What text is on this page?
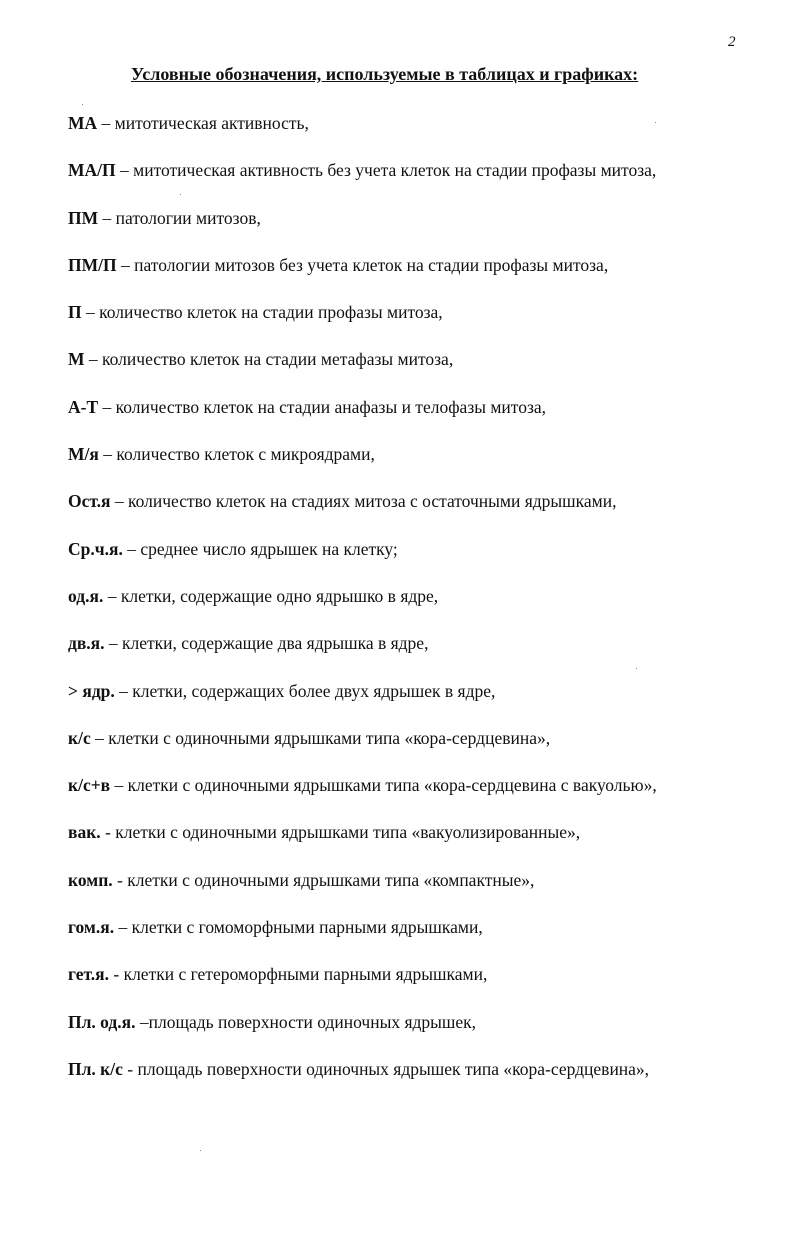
2
Условные обозначения, используемые в таблицах и графиках:
МА – митотическая активность,
МА/П – митотическая активность без учета клеток на стадии профазы митоза,
ПМ – патологии митозов,
ПМ/П – патологии митозов без учета клеток на стадии профазы митоза,
П – количество клеток на стадии профазы митоза,
М – количество клеток на стадии метафазы митоза,
А-Т – количество клеток на стадии анафазы и телофазы митоза,
М/я – количество клеток с микроядрами,
Ост.я – количество клеток на стадиях митоза с остаточными ядрышками,
Ср.ч.я. – среднее число ядрышек на клетку;
од.я. – клетки, содержащие одно ядрышко в ядре,
дв.я. – клетки, содержащие два ядрышка в ядре,
> ядр. – клетки, содержащих более двух ядрышек в ядре,
к/с – клетки с одиночными ядрышками типа «кора-сердцевина»,
к/с+в – клетки с одиночными ядрышками типа «кора-сердцевина с вакуолью»,
вак. - клетки с одиночными ядрышками типа «вакуолизированные»,
комп. - клетки с одиночными ядрышками типа «компактные»,
гом.я. – клетки с гомоморфными парными ядрышками,
гет.я. - клетки с гетероморфными парными ядрышками,
Пл. од.я. –площадь поверхности одиночных ядрышек,
Пл. к/с - площадь поверхности одиночных ядрышек типа «кора-сердцевина»,
